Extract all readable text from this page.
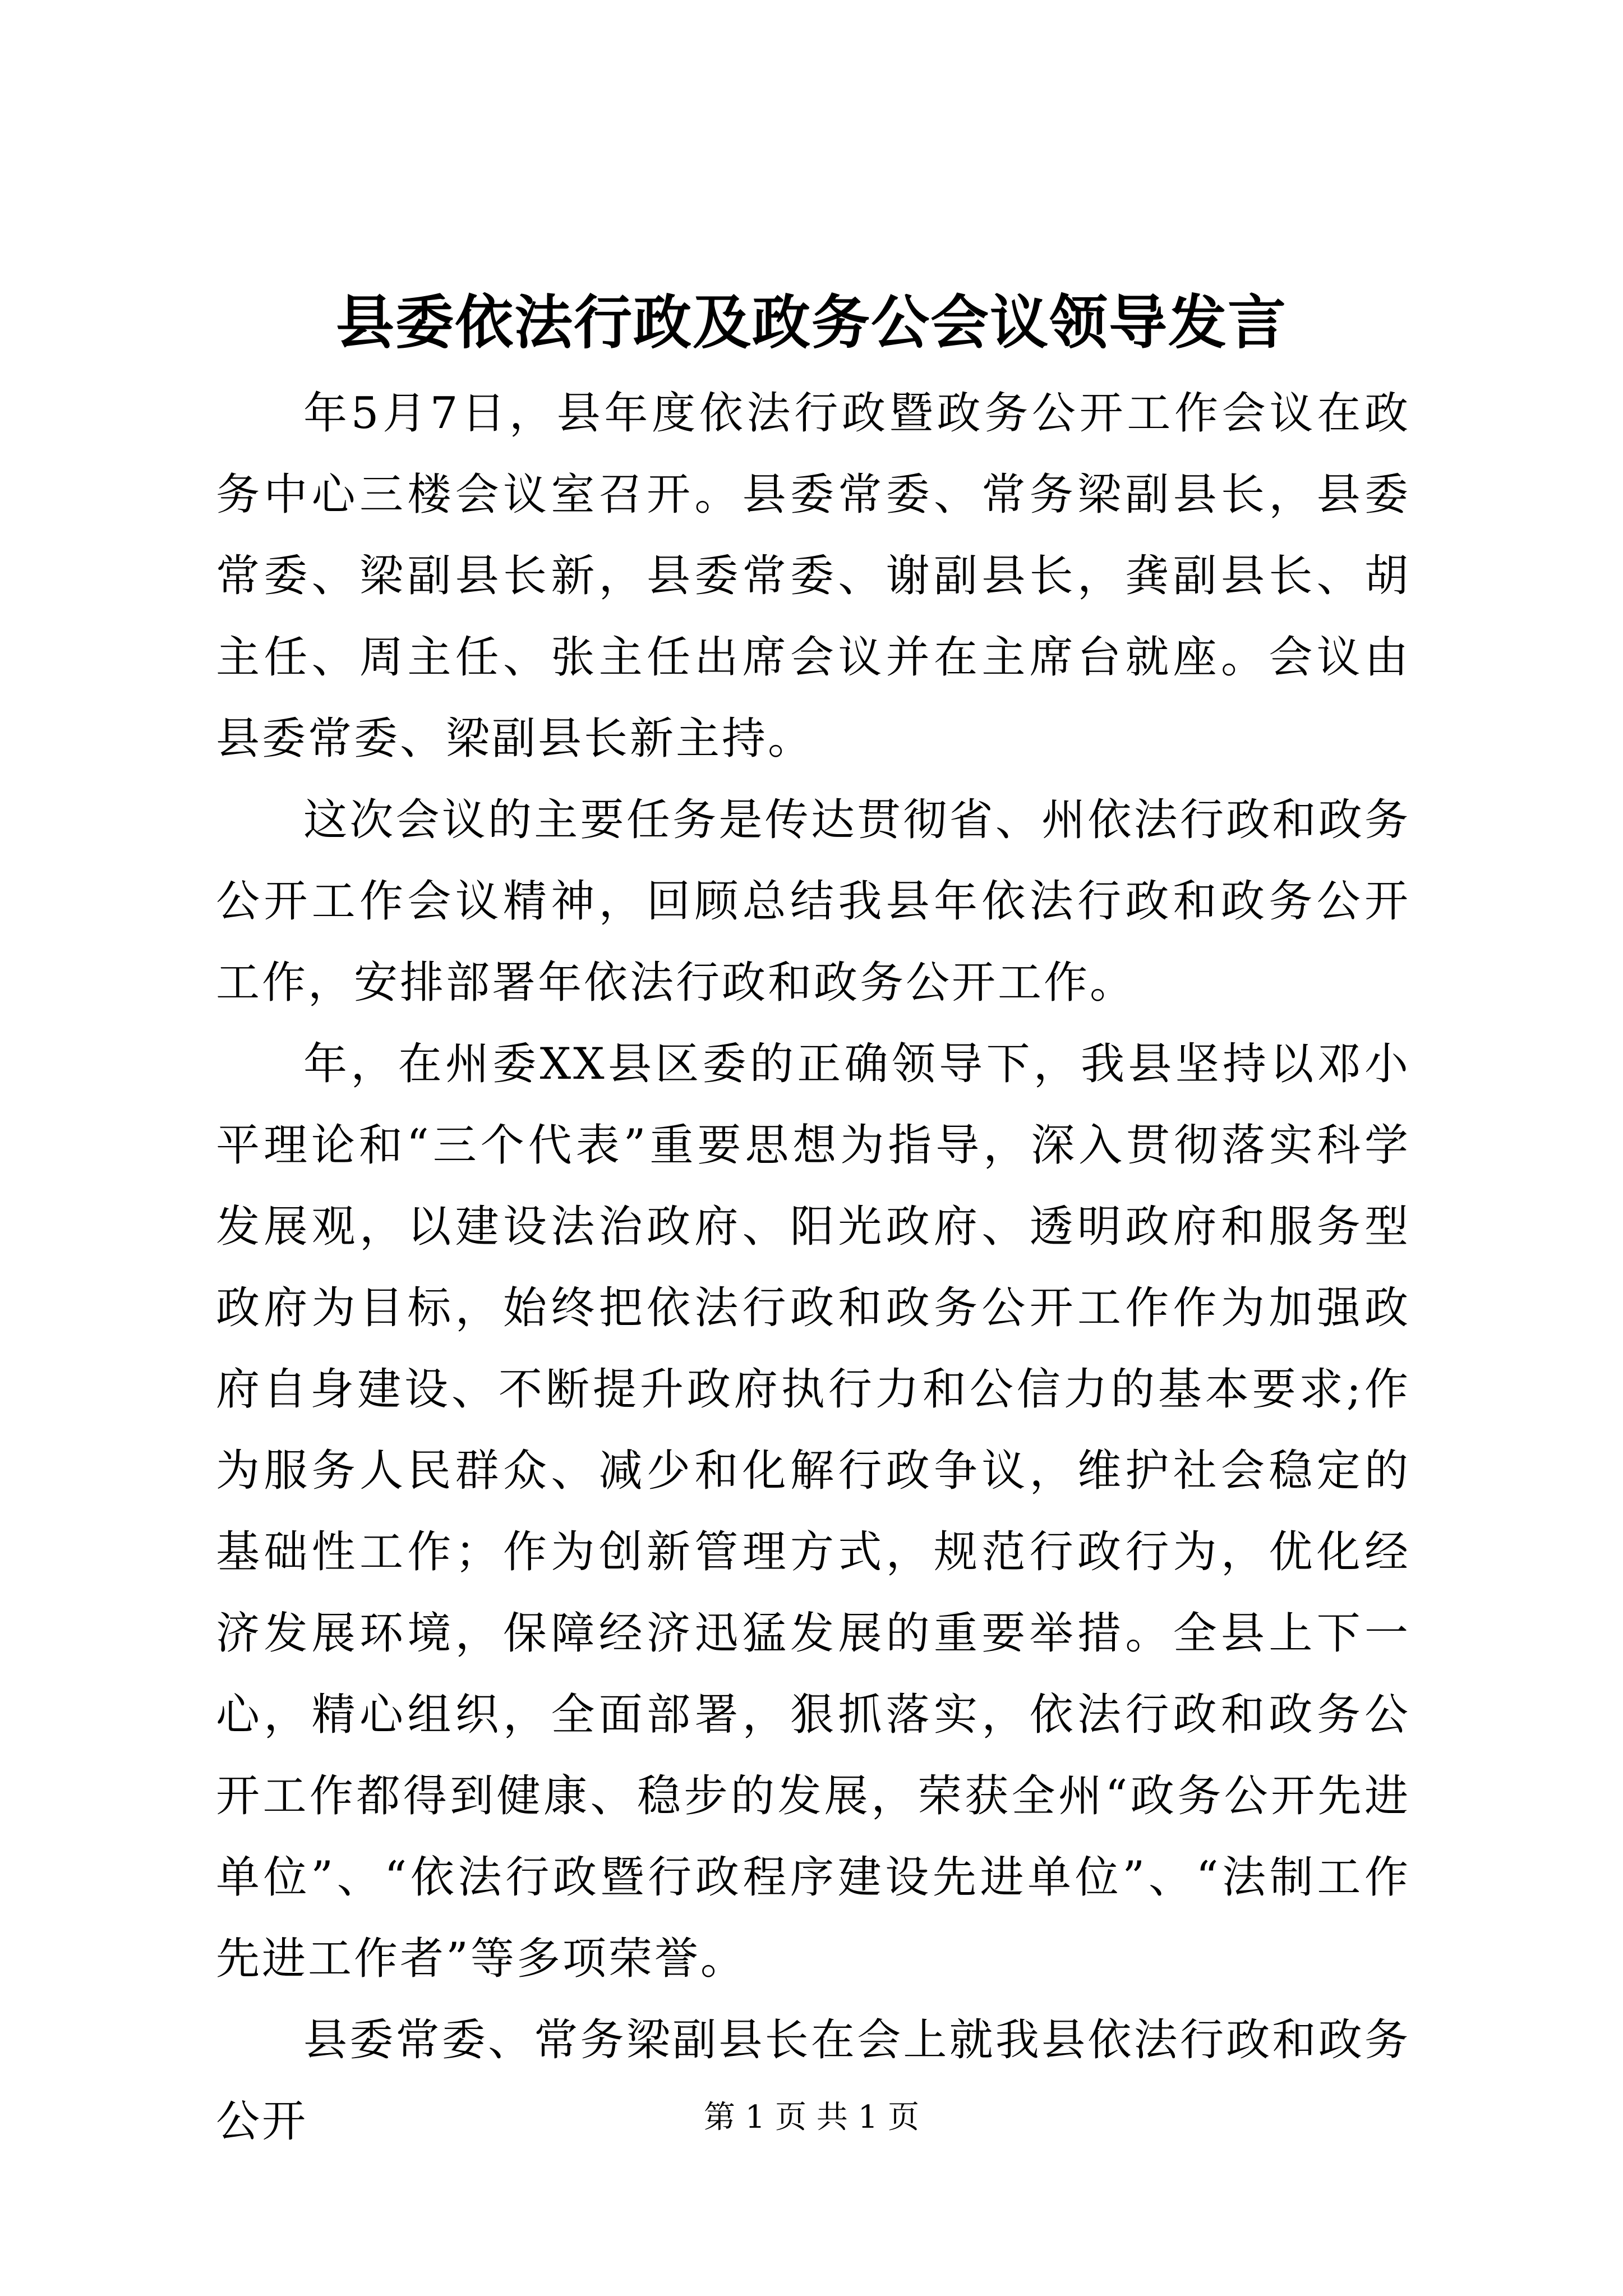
县委依法行政及政务公会议领导发言

年5月7日，县年度依法行政暨政务公开工作会议在政务中心三楼会议室召开。县委常委、常务梁副县长，县委常委、梁副县长新，县委常委、谢副县长，龚副县长、胡主任、周主任、张主任出席会议并在主席台就座。会议由县委常委、梁副县长新主持。

这次会议的主要任务是传达贯彻省、州依法行政和政务公开工作会议精神，回顾总结我县年依法行政和政务公开工作，安排部署年依法行政和政务公开工作。

年，在州委XX县区委的正确领导下，我县坚持以邓小平理论和“三个代表”重要思想为指导，深入贯彻落实科学发展观，以建设法治政府、阳光政府、透明政府和服务型政府为目标，始终把依法行政和政务公开工作作为加强政府自身建设、不断提升政府执行力和公信力的基本要求;作为服务人民群众、减少和化解行政争议，维护社会稳定的基础性工作；作为创新管理方式，规范行政行为，优化经济发展环境，保障经济迅猛发展的重要举措。全县上下一心，精心组织，全面部署，狠抓落实，依法行政和政务公开工作都得到健康、稳步的发展，荣获全州“政务公开先进单位”、“依法行政暨行政程序建设先进单位”、“法制工作先进工作者”等多项荣誉。

县委常委、常务梁副县长在会上就我县依法行政和政务公开	第 1 页 共 1 页
